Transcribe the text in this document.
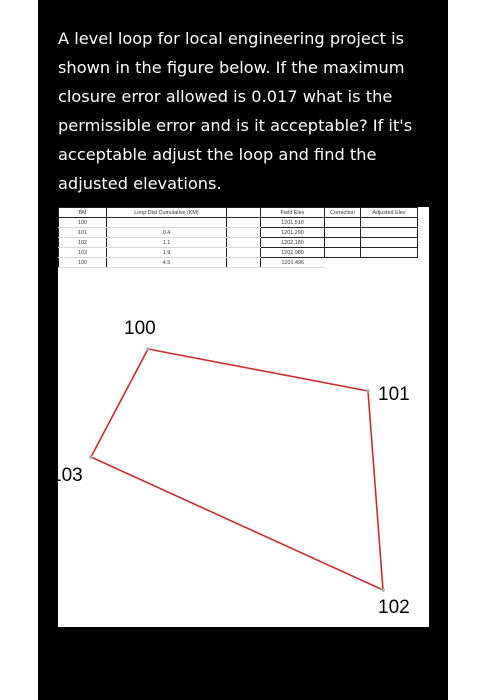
A level loop for local engineering project is shown in the figure below. If the maximum closure error allowed is 0.017 what is the permissible error and is it acceptable? If it's acceptable adjust the loop and find the adjusted elevations.

BM	Loop Dist Cumulative (KM)		Field Elev	Correction	Adjusted Elev
100			1201.510		
101	0.4		1201.290		
102	1.1		1202.180		
103	1.9		1202.980		
100	4.5		1201.496		
100
101
102
103
